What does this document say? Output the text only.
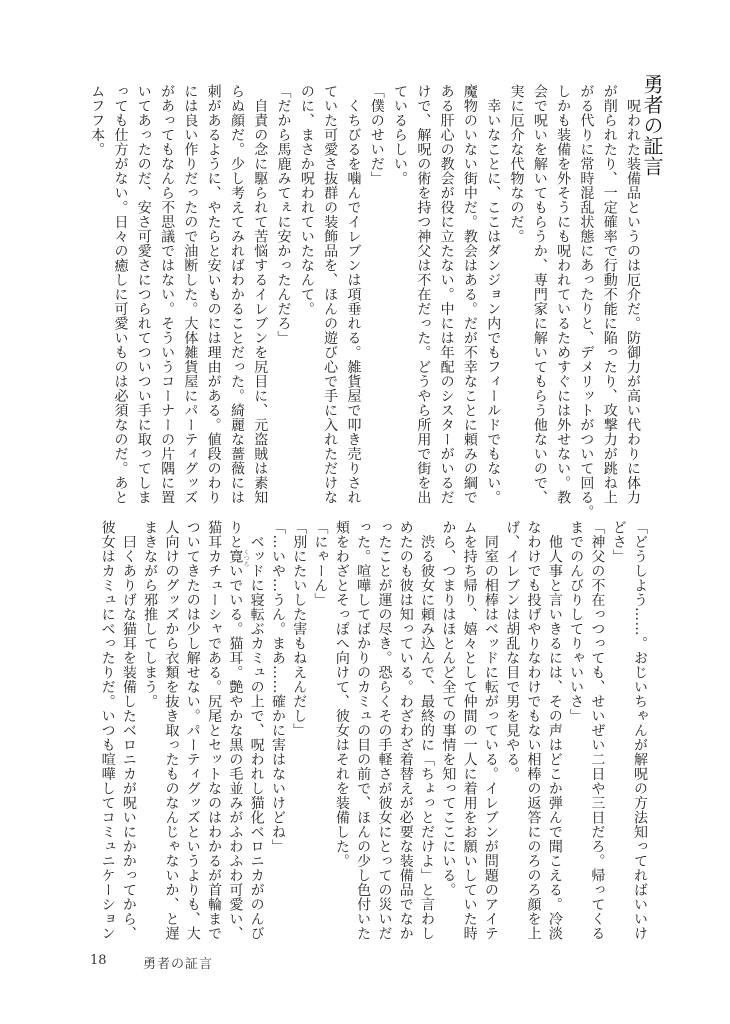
勇者の証言
　呪われた装備品というのは厄介だ。防御力が高い代わりに体力
が削られたり、一定確率で行動不能に陥ったり、攻撃力が跳ね上
がる代りに常時混乱状態にあったりと、デメリットがついて回る。
しかも装備を外そうにも呪われているためすぐには外せない。教
会で呪いを解いてもらうか、専門家に解いてもらう他ないので、
実に厄介な代物なのだ。
　幸いなことに、ここはダンジョン内でもフィールドでもない。
魔物のいない街中だ。教会はある。だが不幸なことに頼みの綱で
ある肝心の教会が役に立たない。中には年配のシスターがいるだ
けで、解呪の術を持つ神父は不在だった。どうやら所用で街を出
ているらしい。
「僕のせいだ」
　くちびるを噛んでイレブンは項垂れる。雑貨屋で叩き売りされ
ていた可愛さ抜群の装飾品を、ほんの遊び心で手に入れただけな
のに、まさか呪われていたなんて。
「だから馬鹿みてぇに安かったんだろ」
　自責の念に駆られて苦悩するイレブンを尻目に、元盗賊は素知
らぬ顔だ。少し考えてみればわかることだった。綺麗な薔薇には
刺があるように、やたらと安いものには理由がある。値段のわり
には良い作りだったので油断した。大体雑貨屋にパーティグッズ
があってもなんら不思議ではない。そういうコーナーの片隅に置
いてあったのだ、安さ可愛さにつられてついつい手に取ってしま
っても仕方がない。日々の癒しに可愛いものは必須なのだ。あと
ムフフ本。
「どうしよう……。おじいちゃんが解呪の方法知ってればいいけ
どさ」
「神父の不在っつっても、せいぜい二日や三日だろ。帰ってくる
までのんびりしてりゃいいさ」
　他人事と言いきるには、その声はどこか弾んで聞こえる。冷淡
なわけでも投げやりなわけでもない相棒の返答にのろのろ顔を上
げ、イレブンは胡乱な目で男を見やる。
　同室の相棒はベッドに転がっている。イレブンが問題のアイテ
ムを持ち帰り、嬉々として仲間の一人に着用をお願いしていた時
から、つまりはほとんど全ての事情を知ってここにいる。
　渋る彼女に頼み込んで、最終的に「ちょっとだけよ」と言わし
めたのも彼は知っている。わざわざ着替えが必要な装備品でなか
ったことが運の尽き。恐らくその手軽さが彼女にとっての災いだ
った。喧嘩してばかりのカミュの目の前で、ほんの少し色付いた
頬をわざとそっぽへ向けて、彼女はそれを装備した。
「にゃーん」
「別にたいした害もねえんだし」
「…いや…うん。まあ……確かに害はないけどね」
　ベッドに寝転ぶカミュの上で、呪われし猫化ベロニカがのんび
りと寛いでいる。猫耳。艶やかな黒の毛並みがふわふわ可愛い、
猫耳カチューシャである。尻尾とセットなのはわかるが首輪まで
ついてきたのは少し解せない。パーティグッズというよりも、大
人向けのグッズから衣類を抜き取ったものなんじゃないか、と遅
まきながら邪推してしまう。
　曰くありげな猫耳を装備したベロニカが呪いにかかってから、
彼女はカミュにべったりだ。いつも喧嘩してコミュニケーション	くつろ
18	勇者の証言
